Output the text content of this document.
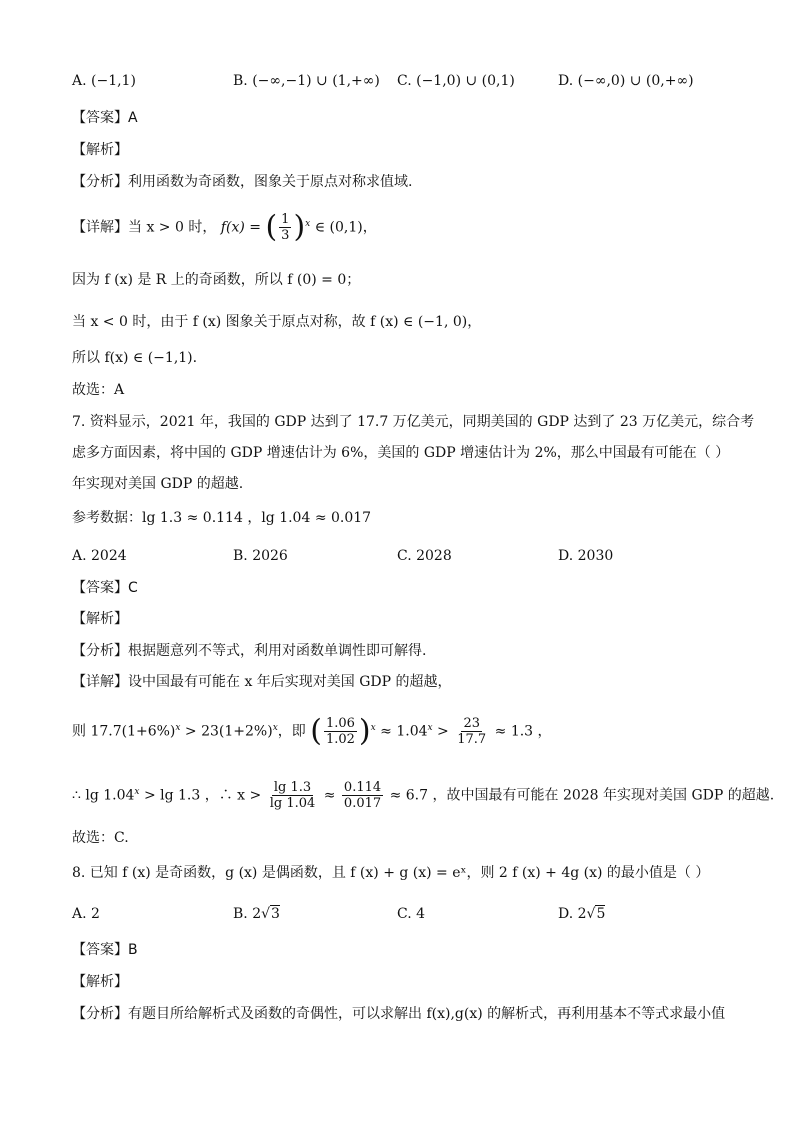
A. (−1,1)	B. (−∞,−1) ∪ (1,+∞) C. (−1,0) ∪ (0,1)	D. (−∞,0) ∪ (0,+∞)
【答案】A
【解析】
【分析】利用函数为奇函数，图象关于原点对称求值域.
【详解】当 x > 0 时， f(x) = ( $\frac{1}{3} )^x$ ∈ (0,1)，
因为 f (x) 是 R 上的奇函数，所以 f (0) = 0；
当 x < 0 时，由于 f (x) 图象关于原点对称，故 f (x) ∈ (−1, 0)，
所以 f(x) ∈ (−1,1).
故选：A
7. 资料显示，2021 年，我国的 GDP 达到了 17.7 万亿美元，同期美国的 GDP 达到了 23 万亿美元，综合考
虑多方面因素，将中国的 GDP 增速估计为 6%，美国的 GDP 增速估计为 2%，那么中国最有可能在（ ）
年实现对美国 GDP 的超越.
参考数据：lg 1.3 ≈ 0.114 ，lg 1.04 ≈ 0.017
A. 2024	B. 2026	C. 2028	D. 2030
【答案】C
【解析】
【分析】根据题意列不等式，利用对函数单调性即可解得.
【详解】设中国最有可能在 x 年后实现对美国 GDP 的超越，
则 $17.7(1+6\%)^x > 23(1+2\%)^x$，即 ( $\frac{1.06}{1.02} )^x \approx 1.04^x > \frac{23}{17.7} \approx 1.3$ ，
∴ $\lg 1.04^x > \lg 1.3$ ，∴ $x > \frac{\lg 1.3}{\lg 1.04} \approx \frac{0.114}{0.017} \approx 6.7$ ，故中国最有可能在 2028 年实现对美国 GDP 的超越.
故选：C.
8. 已知 f (x) 是奇函数，g (x) 是偶函数，且 f (x) + g (x) = eˣ，则 2 f (x) + 4g (x) 的最小值是（ ）
A. 2	B. 2√3	C. 4	D. 2√5
【答案】B
【解析】
【分析】有题目所给解析式及函数的奇偶性，可以求解出 f(x),g(x) 的解析式，再利用基本不等式求最小值
